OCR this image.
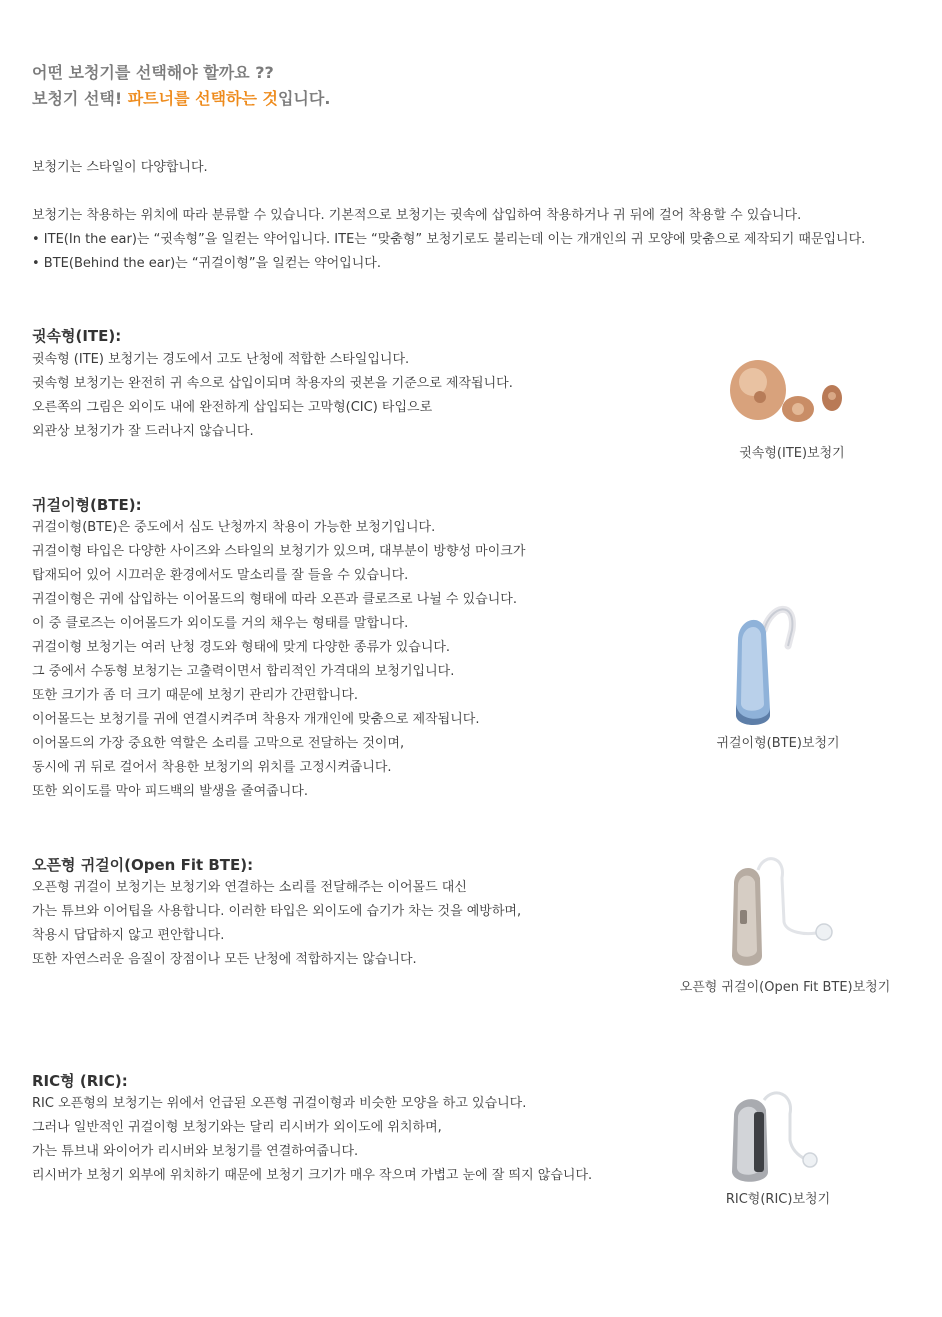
어떤 보청기를 선택해야 할까요 ??
보청기 선택! 파트너를 선택하는 것입니다.
보청기는 스타일이 다양합니다.
보청기는 착용하는 위치에 따라 분류할 수 있습니다. 기본적으로 보청기는 귓속에 삽입하여 착용하거나 귀 뒤에 걸어 착용할 수 있습니다.
• ITE(In the ear)는 “귓속형”을 일컫는 약어입니다. ITE는 “맞춤형” 보청기로도 불리는데 이는 개개인의 귀 모양에 맞춤으로 제작되기 때문입니다.
• BTE(Behind the ear)는 “귀걸이형”을 일컫는 약어입니다.
귓속형(ITE):
귓속형 (ITE) 보청기는 경도에서 고도 난청에 적합한 스타일입니다.
귓속형 보청기는 완전히 귀 속으로 삽입이되며 착용자의 귓본을 기준으로 제작됩니다.
오른쪽의 그림은 외이도 내에 완전하게 삽입되는 고막형(CIC) 타입으로
외관상 보청기가 잘 드러나지 않습니다.
귓속형(ITE)보청기
귀걸이형(BTE):
귀걸이형(BTE)은 중도에서 심도 난청까지 착용이 가능한 보청기입니다.
귀걸이형 타입은 다양한 사이즈와 스타일의 보청기가 있으며, 대부분이 방향성 마이크가
탑재되어 있어 시끄러운 환경에서도 말소리를 잘 들을 수 있습니다.
귀걸이형은 귀에 삽입하는 이어몰드의 형태에 따라 오픈과 클로즈로 나뉠 수 있습니다.
이 중 클로즈는 이어몰드가 외이도를 거의 채우는 형태를 말합니다.
귀걸이형 보청기는 여러 난청 경도와 형태에 맞게 다양한 종류가 있습니다.
그 중에서 수동형 보청기는 고출력이면서 합리적인 가격대의 보청기입니다.
또한 크기가 좀 더 크기 때문에 보청기 관리가 간편합니다.
이어몰드는 보청기를 귀에 연결시켜주며 착용자 개개인에 맞춤으로 제작됩니다.
이어몰드의 가장 중요한 역할은 소리를 고막으로 전달하는 것이며,
동시에 귀 뒤로 걸어서 착용한 보청기의 위치를 고정시켜줍니다.
또한 외이도를 막아 피드백의 발생을 줄여줍니다.
귀걸이형(BTE)보청기
오픈형 귀걸이(Open Fit BTE):
오픈형 귀걸이 보청기는 보청기와 연결하는 소리를 전달해주는 이어몰드 대신
가는 튜브와 이어팁을 사용합니다. 이러한 타입은 외이도에 습기가 차는 것을 예방하며,
착용시 답답하지 않고 편안합니다.
또한 자연스러운 음질이 장점이나 모든 난청에 적합하지는 않습니다.
오픈형 귀걸이(Open Fit BTE)보청기
RIC형 (RIC):
RIC 오픈형의 보청기는 위에서 언급된 오픈형 귀걸이형과 비슷한 모양을 하고 있습니다.
그러나 일반적인 귀걸이형 보청기와는 달리 리시버가 외이도에 위치하며,
가는 튜브내 와이어가 리시버와 보청기를 연결하여줍니다.
리시버가 보청기 외부에 위치하기 때문에 보청기 크기가 매우 작으며 가볍고 눈에 잘 띄지 않습니다.
RIC형(RIC)보청기
